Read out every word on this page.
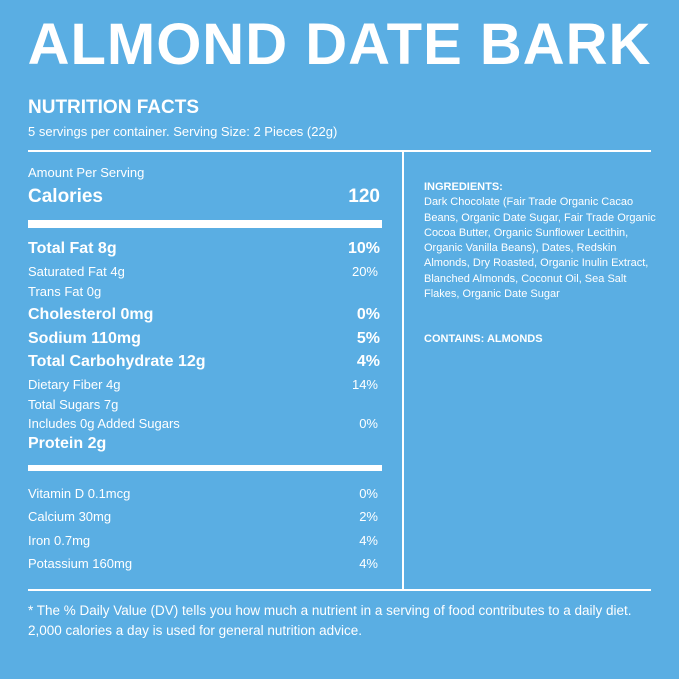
ALMOND DATE BARK
NUTRITION FACTS
5 servings per container. Serving Size: 2 Pieces (22g)
Amount Per Serving
Calories	120
Total Fat 8g	10%
Saturated Fat 4g	20%
Trans Fat 0g
Cholesterol 0mg	0%
Sodium 110mg	5%
Total Carbohydrate 12g	4%
Dietary Fiber 4g	14%
Total Sugars 7g
Includes 0g Added Sugars	0%
Protein 2g
Vitamin D 0.1mcg	0%
Calcium 30mg	2%
Iron 0.7mg	4%
Potassium 160mg	4%
INGREDIENTS:
Dark Chocolate (Fair Trade Organic Cacao Beans, Organic Date Sugar, Fair Trade Organic Cocoa Butter, Organic Sunflower Lecithin, Organic Vanilla Beans), Dates, Redskin Almonds, Dry Roasted, Organic Inulin Extract, Blanched Almonds, Coconut Oil, Sea Salt Flakes, Organic Date Sugar
CONTAINS: ALMONDS
* The % Daily Value (DV) tells you how much a nutrient in a serving of food contributes to a daily diet. 2,000 calories a day is used for general nutrition advice.
